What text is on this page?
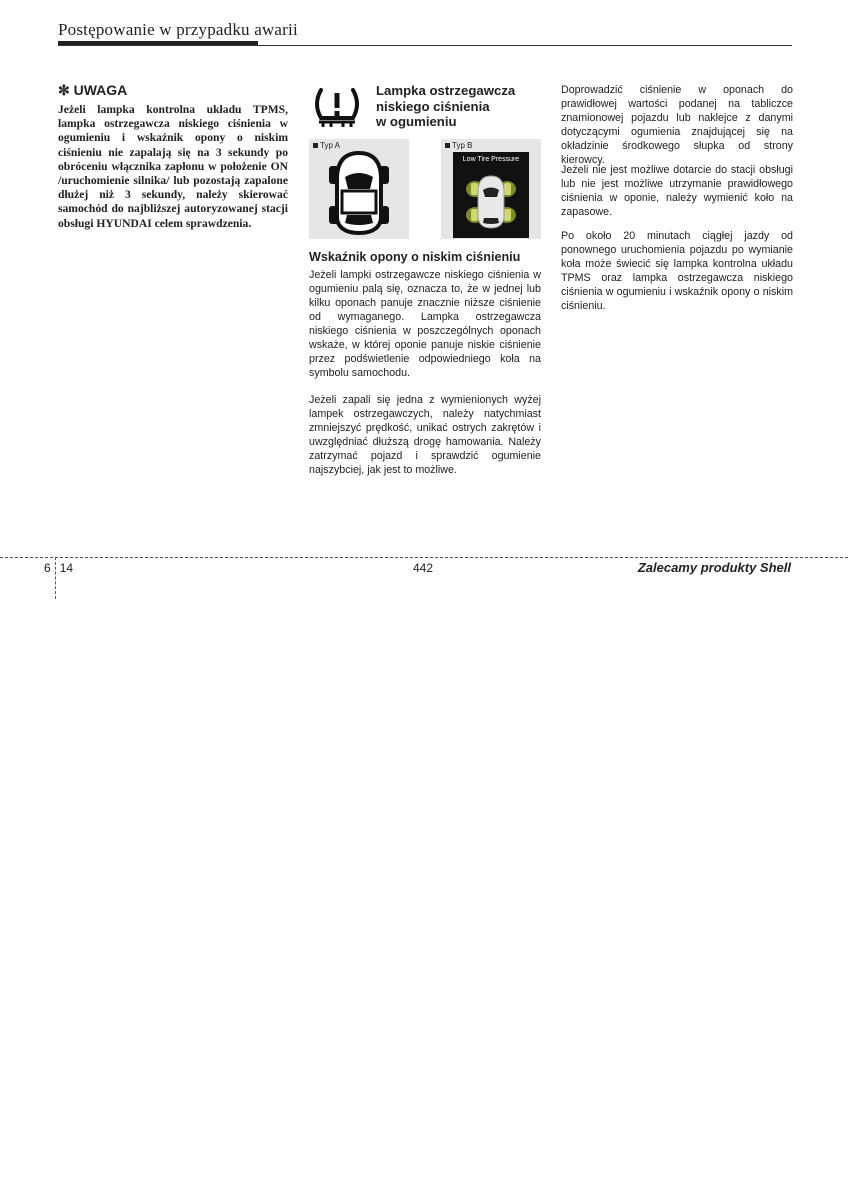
Postępowanie w przypadku awarii
✼ UWAGA
Jeżeli lampka kontrolna układu TPMS, lampka ostrzegawcza niskiego ciśnienia w ogumieniu i wskaźnik opony o niskim ciśnieniu nie zapalają się na 3 sekundy po obróceniu włącznika zapłonu w położenie ON /uruchomienie silnika/ lub pozostają zapalone dłużej niż 3 sekundy, należy skierować samochód do najbliższej autoryzowanej stacji obsługi HYUNDAI celem sprawdzenia.
Lampka ostrzegawcza
niskiego ciśnienia
w ogumieniu
Typ A	Typ B
Low Tire Pressure
Wskaźnik opony o niskim ciśnieniu
Jeżeli lampki ostrzegawcze niskiego ciśnienia w ogumieniu palą się, oznacza to, że w jednej lub kilku oponach panuje znacznie niższe ciśnienie od wymaganego. Lampka ostrzegawcza niskiego ciśnienia w poszczególnych oponach wskaże, w której oponie panuje niskie ciśnienie przez podświetlenie odpowiedniego koła na symbolu samochodu.
Jeżeli zapali się jedna z wymienionych wyżej lampek ostrzegawczych, należy natychmiast zmniejszyć prędkość, unikać ostrych zakrętów i uwzględniać dłuższą drogę hamowania. Należy zatrzymać pojazd i sprawdzić ogumienie najszybciej, jak jest to możliwe.
Doprowadzić ciśnienie w oponach do prawidłowej wartości podanej na tabliczce znamionowej pojazdu lub naklejce z danymi dotyczącymi ogumienia znajdującej się na okładzinie środkowego słupka od strony kierowcy.
Jeżeli nie jest możliwe dotarcie do stacji obsługi lub nie jest możliwe utrzymanie prawidłowego ciśnienia w oponie, należy wymienić koło na zapasowe.
Po około 20 minutach ciągłej jazdy od ponownego uruchomienia pojazdu po wymianie koła może świecić się lampka kontrolna układu TPMS oraz lampka ostrzegawcza niskiego ciśnienia w ogumieniu i wskaźnik opony o niskim ciśnieniu.
6 14	442	Zalecamy produkty Shell
